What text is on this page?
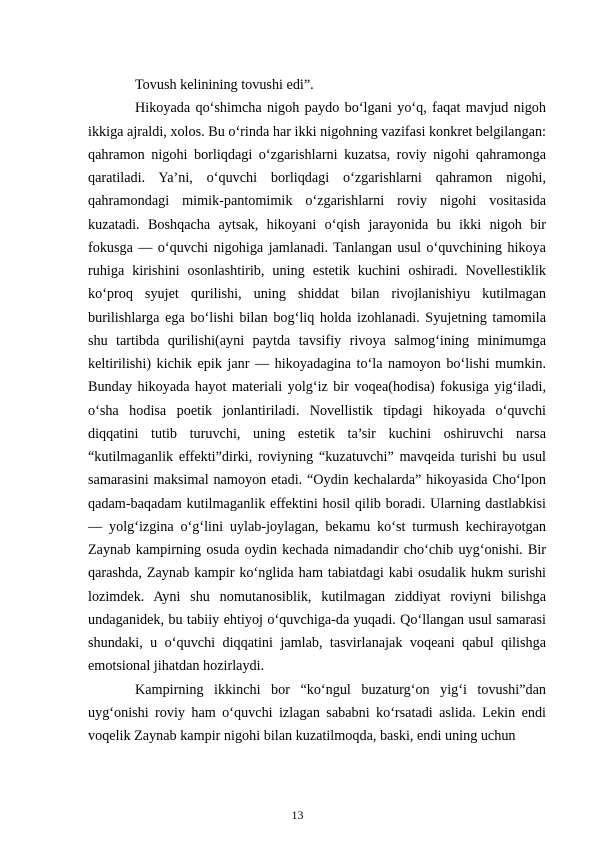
Tovush kelinining tovushi edi”.

Hikoyada qo‘shimcha nigoh paydo bo‘lgani yo‘q, faqat mavjud nigoh ikkiga ajraldi, xolos. Bu o‘rinda har ikki nigohning vazifasi konkret belgilangan: qahramon nigohi borliqdagi o‘zgarishlarni kuzatsa, roviy nigohi qahramonga qaratiladi. Ya’ni, o‘quvchi borliqdagi o‘zgarishlarni qahramon nigohi, qahramondagi mimik-pantomimik o‘zgarishlarni roviy nigohi vositasida kuzatadi. Boshqacha aytsak, hikoyani o‘qish jarayonida bu ikki nigoh bir fokusga — o‘quvchi nigohiga jamlanadi. Tanlangan usul o‘quvchining hikoya ruhiga kirishini osonlashtirib, uning estetik kuchini oshiradi. Novellestiklik ko‘proq syujet qurilishi, uning shiddat bilan rivojlanishiyu kutilmagan burilishlarga ega bo‘lishi bilan bog‘liq holda izohlanadi. Syujetning tamomila shu tartibda qurilishi(ayni paytda tavsifiy rivoya salmog‘ining minimumga keltirilishi) kichik epik janr — hikoyadagina to‘la namoyon bo‘lishi mumkin. Bunday hikoyada hayot materiali yolg‘iz bir voqea(hodisa) fokusiga yig‘iladi, o‘sha hodisa poetik jonlantiriladi. Novellistik tipdagi hikoyada o‘quvchi diqqatini tutib turuvchi, uning estetik ta’sir kuchini oshiruvchi narsa “kutilmaganlik effekti”dirki, roviyning “kuzatuvchi” mavqeida turishi bu usul samarasini maksimal namoyon etadi. “Oydin kechalarda” hikoyasida Cho‘lpon qadam-baqadam kutilmaganlik effektini hosil qilib boradi. Ularning dastlabkisi — yolg‘izgina o‘g‘lini uylab-joylagan, bekamu ko‘st turmush kechirayotgan Zaynab kampirning osuda oydin kechada nimadandir cho‘chib uyg‘onishi. Bir qarashda, Zaynab kampir ko‘nglida ham tabiatdagi kabi osudalik hukm surishi lozimdek. Ayni shu nomutanosiblik, kutilmagan ziddiyat roviyni bilishga undaganidek, bu tabiiy ehtiyoj o‘quvchiga-da yuqadi. Qo‘llangan usul samarasi shundaki, u o‘quvchi diqqatini jamlab, tasvirlanajak voqeani qabul qilishga emotsional jihatdan hozirlaydi.

Kampirning ikkinchi bor “ko‘ngul buzaturg‘on yig‘i tovushi”dan uyg‘onishi roviy ham o‘quvchi izlagan sababni ko‘rsatadi aslida. Lekin endi voqelik Zaynab kampir nigohi bilan kuzatilmoqda, baski, endi uning uchun

13
